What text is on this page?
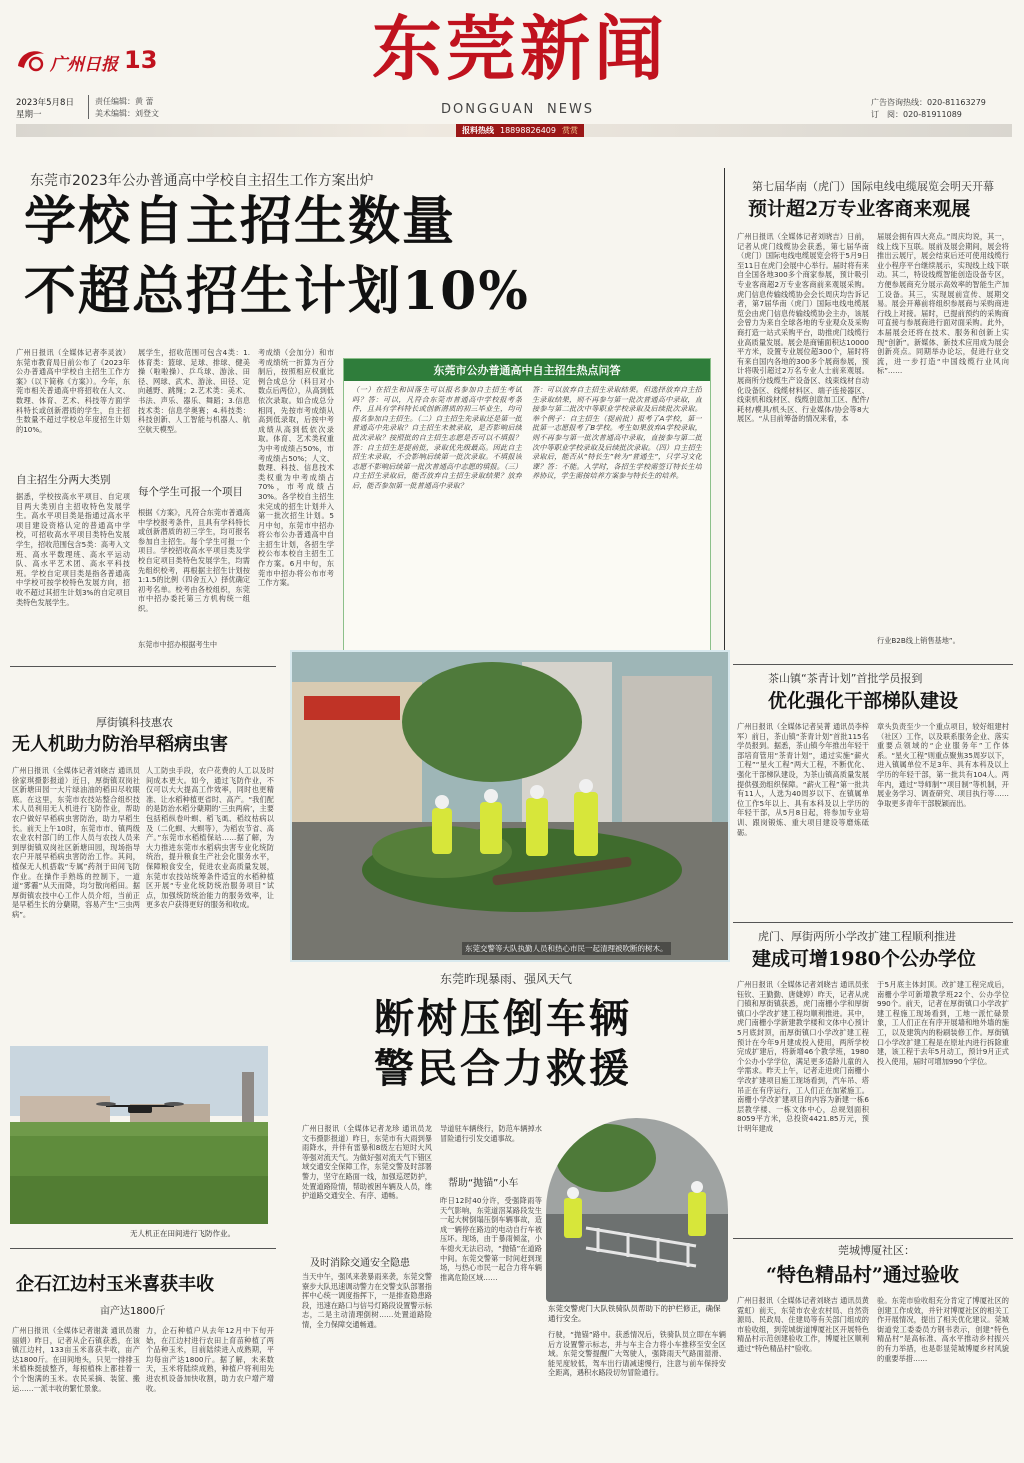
广州日报 13	东莞新闻
DONGGUAN NEWS
2023年5月8日
星期一
责任编辑：黄 蕾
美术编辑：刘登文
广告咨询热线：020-81163279
订　阅：020-81911089
报料热线 18898826409 赏赏
东莞市2023年公办普通高中学校自主招生工作方案出炉
学校自主招生数量
不超总招生计划10%
广州日报讯（全媒体记者李灵波）东莞市教育局日前公布了《2023年公办普通高中学校自主招生工作方案》（以下简称《方案》）。今年，东莞市相关普通高中将招收在人文、数理、体育、艺术、科技等方面学科特长或创新潜质的学生，自主招生数量不超过学校总年度招生计划的10%。
自主招生分两大类别
据悉，学校按高水平项目、自定项目两大类别自主招收特色发展学生。高水平项目类是指通过高水平项目建设资格认定的普通高中学校，可招收高水平项目类特色发展学生，招收范围包含5类：高考入文班、高水平数理班、高水平运动队、高水平艺术团、高水平科技班。学校自定项目类是指各普通高中学校可按学校特色发展方向，招收不超过其招生计划3%的自定项目类特色发展学生。
展学生，招收范围可包含4类：1.体育类：篮球、足球、排球、健美操（啦啦操）、乒乓球、游泳、田径、网球、武术、游泳、田径、定向越野、跳绳；2.艺术类：美术、书法、声乐、器乐、舞蹈；3.信息技术类：信息学奥赛；4.科技类：科技创新、人工智能与机器人、航空航天模型。
每个学生可报一个项目
根据《方案》，凡符合东莞市普通高中学校报考条件，且具有学科特长或创新潜质的初三学生，均可报名参加自主招生。每个学生可报一个项目。学校招收高水平项目类及学校自定项目类特色发展学生，均需先组织校考，再根据主招生计划按1:1.5的比例（四舍五入）择优确定初考名单。校考由各校组织，东莞市中招办委托第三方机构统一组织。
考成绩（会加分）和市考成绩统一折算为百分制后，按照相应权重比例合成总分（科目对小数点后两位），从高到低依次录取。如合成总分相同，先按市考成绩从高到低录取，后按中考成绩从高到低依次录取。体育、艺术类权重为中考成绩占50%，市考成绩占50%；人文、数理、科技、信息技术类权重为中考成绩占70%，市考成绩占30%。各学校自主招生未完成的招生计划并入第一批次招生计划。5月中旬，东莞市中招办将公布公办普通高中自主招生计划，各招生学校公布本校自主招生工作方案。6月中旬，东莞市中招办将公布市考工作方案。
东莞市中招办根据考生中
东莞市公办普通高中自主招生热点问答
（一）在招生和回落生可以报名参加自主招生考试吗？答：可以，凡符合东莞市普通高中学校报考条件，且具有学科特长或创新潜质的初三毕业生，均可报名参加自主招生。（二）自主招生先录取还是第一批普通高中先录取？自主招生未被录取，是否影响后续批次录取？按照批的自主招生志愿是否可以不填报？答：自主招生是提前批，录取优先级最高。因此自主招生未录取，不会影响后续第一批次录取。不填报该志愿不影响后续第一批次普通高中志愿的填报。（三）自主招生录取后，能否放弃自主招生录取结果？放弃后，能否参加第一批普通高中录取？
答：可以放弃自主招生录取结果。但选择放弃自主招生录取结果，则不再参与第一批次普通高中录取，直接参与第二批次中等职业学校录取及后续批次录取。举个例子：自主招生（提前批）报考了A学校，第一批第一志愿报考了B学校。考生如果放弃A学校录取，则不再参与第一批次普通高中录取，直接参与第二批次中等职业学校录取及后续批次录取。（四）自主招生录取后，能否从“特长生”转为“普通生”，只学习文化课？答：不能。入学时，各招生学校需签订特长生培养协议，学生需按培养方案参与特长生的培养。
第七届华南（虎门）国际电线电缆展览会明天开幕
预计超2万专业客商来观展
广州日报讯（全媒体记者刘晓吉）日前，记者从虎门线缆协会获悉，第七届华南（虎门）国际电线电缆展览会将于5月9日至11日在虎门会展中心举行。届时将有来自全国各地300多个商家参展，预计吸引专业客商超2万专业客商前来观展采购。虎门信息传输线缆协会会长周庆均告诉记者，第7届华南（虎门）国际电线电缆展览会由虎门信息传输线缆协会主办，该展会曾力为来自全球各地的专业观众及采购商打造一站式采购平台，助推虎门线缆行业高质量发展。展会是商铺面积达10000平方米，设置专业展位超300个，届时将有来自国内各地的300多个展商参展，预计将吸引超过2万名专业人士前来观展。展商所分线缆生产设备区、线束线材自动化设备区、线缆材料区、端子连接器区、线束机和线材区、线缆创意加工区、配件/耗材/模具/机头区、行业媒体/协会等8大展区。“从目前筹备的情况来看，本
届展会拥有四大亮点。”周庆均说，其一，线上线下互联。展前及展会期间，展会将推出云展厅，展会结束后还可使用线缆行业小程序平台继续展示，实现线上线下联动。其二，特设线缆智能创造设备专区，方便参展商充分展示高效率的智能生产加工设备。其三，实现展前宣传、展期交易。展会开幕前将组织参展商与采购商进行线上对接。届时，已提前预约的采购商可直接与参展商进行面对面采购。此外，本届展会还将在技术、服务和创新上实现“创新”。新媒体、新技术应用成为展会创新亮点。同期举办论坛，促进行业交流，进一步打造“中国线缆行业风向标”……
行业B2B线上销售基地”。
茶山镇“茶青计划”首批学员报到
优化强化干部梯队建设
广州日报讯（全媒体记者吴菁 通讯员李梓军）前日，茶山镇“茶青计划”首批115名学员报到。据悉，茶山镇今年推出年轻干部培育管用“茶青计划”，通过实施“薪火工程”“星火工程”两大工程，不断优化、强化干部梯队建设，为茶山镇高质量发展提供强劲组织保障。“薪火工程”第一批共有11人，人选为40周岁以下、在镇属单位工作5年以上、具有本科及以上学历的年轻干部，从5月8日起，将参加专业培训、跟岗锻炼、重大项目建设等磨炼砥砺。
章头负责至少一个重点项目，较好组建村（社区）工作，以及联系服务企业、落实重要点领域的“企业服务年”工作体系。“星火工程”则重点聚焦35周岁以下，进入镇属单位不足3年、具有本科及以上学历的年轻干部，第一批共有104人。两年内，通过“导师制”“项目制”等机制，开展业务学习、调查研究、项目执行等……争取更多青年干部脱颖而出。
虎门、厚街两所小学改扩建工程顺利推进
建成可增1980个公办学位
广州日报讯（全媒体记者刘晓吉 通讯员张钰钦、王勤勤、唐婕婷）昨天，记者从虎门镇和厚街镇获悉，虎门南栅小学和厚街镇口小学改扩建工程均顺利推进。其中，虎门南栅小学新建教学楼和文体中心预计5月底封顶，而厚街镇口小学改扩建工程预计在今年9月建成投入使用，两所学校完成扩建后，将新增46个教学班，1980个公办小学学位，满足更多适龄儿童的入学需求。昨天上午，记者走进虎门南栅小学改扩建项目施工现场看到，汽车吊、塔吊正在有序运行，工人们正在加紧施工。南栅小学改扩建项目的内容为新建一栋6层教学楼、一栋文体中心，总规划面积8059平方米，总投资4421.85万元，预计明年建成
于5月底主体封顶。改扩建工程完成后，南栅小学可新增教学班22个、公办学位990个。前天，记者在厚街镇口小学改扩建工程施工现场看到，工地一派忙碌景象，工人们正在有序开展墙和地外墙的施工，以及建筑内的粉刷装修工作。厚街镇口小学改扩建工程是在原址内进行拆除重建，该工程于去年5月动工，预计9月正式投入使用，届时可增加990个学位。
莞城博厦社区：
“特色精品村”通过验收
广州日报讯（全媒体记者刘晓吉 通讯员黄霓虹）前天，东莞市农业农村局、自然资源局、民政局、住建局等有关部门组成的市验收组，到莞城街道博厦社区开展特色精品村示范创建验收工作，博厦社区顺利通过“特色精品村”验收。
验。东莞市验收组充分肯定了博厦社区的创建工作成效，并针对博厦社区的相关工作开展情况，提出了相关优化建议。莞城街道党工委委员方钢书表示，创建“特色精品村”是高标准、高水平推动乡村振兴的有力举措，也是彰显莞城博厦乡村风貌的重要举措……
厚街镇科技惠农
无人机助力防治早稻病虫害
广州日报讯（全媒体记者刘晓吉 通讯员徐家琪摄影报道）近日，厚街镇双岗社区新塘田园一大片绿油油的稻田尽收眼底。在这里，东莞市农技站整合组织技术人员利用无人机进行飞防作业，帮助农户做好早稻病虫害防治，助力早稻生长。前天上午10时，东莞市市、镇两级农业农村部门的工作人员与农技人员来到厚街镇双岗社区新塘田园，现场指导农户开展早稻病虫害防治工作。其间，植保无人机搭载“专属”药剂于田间飞防作业。在操作手熟练的控制下，一道道“雾霾”从天而降，均匀散向稻田。据厚街镇农技中心工作人员介绍，当前正是早稻生长的分蘖期，容易产生“三虫两病”。
人工防虫手段，农户花费的人工以及时间成本更大。如今，通过飞防作业，不仅可以大大提高工作效率，同时也更精准、让水稻种植更省时、高产。“我们配的是防治水稻分蘖期的‘三虫两病’，主要包括稻纵卷叶螟、稻飞虱、稻纹枯病以及（二化螟、大螟等），为稻农节省、高产。”东莞市水稻植保站……据了解，为大力推进东莞市水稻病虫害专业化统防统治，提升粮食生产社会化服务水平，保障粮食安全，促进农业高质量发展，东莞市农技站统筹条件适宜的水稻种植区开展“专业化统防统治服务项目”试点，加强统防统治能力的服务效率，让更多农户获得更好的服务和收成。
无人机正在田间进行飞防作业。
企石江边村玉米喜获丰收
亩产达1800斤
广州日报讯（全媒体记者谢龚 通讯员谢丽娟）昨日，记者从企石镇获悉，在该镇江边村，133亩玉米喜获丰收，亩产达1800斤。在田间地头，只见一排排玉米植株挺拔整齐，每根植株上都挂着一个个饱满的玉米。农民采摘、装筐、搬运……一派丰收的繁忙景象。
力，企石种植户从去年12月中下旬开始，在江边村进行农田上育苗种植了两个品种玉米，目前陆续进入成熟期，平均每亩产达1800斤。据了解，未来数天，玉米将陆续成熟，种植户将利用先进农机设备加快收割，助力农户增产增收。
东莞交警等大队执勤人员和热心市民一起清理被吹断的树木。
东莞昨现暴雨、强风天气
断树压倒车辆
警民合力救援
广州日报讯（全媒体记者龙珍 通讯员龙文韦摄影报道）昨日，东莞市有大雨到暴雨降水，并伴有雷暴和8级左右短时大风等强对流天气。为做好强对流天气下错区域交通安全保障工作，东莞交警及时部署警力，坚守在路面一线，加强巡逻防护，处置道路险情，帮助被困车辆及人员，维护道路交通安全、有序、通畅。
及时消除交通安全隐患
当天中午，强风来袭暴雨来袭，东莞交警寮步大队迅速调动警力在交警支队部署指挥中心统一调度指挥下，一是排查隐患路段，迅速在路口与信号灯路段设置警示标志，二是主动清理倒树……处置道路险情，全力保障交通畅通。
导道驻车辆绕行，防范车辆掉水冒险通行引发交通事故。
帮助“抛锚”小车
昨日12时40分许，受强降雨等天气影响，东莞道滘某路段发生一起大树倒塌压倒车辆事故，造成一辆停在路边的电动自行车被压坏。现场，由于暴雨倾盆，小车熄火无法启动，“抛锚”在道路中间。东莞交警第一时间赶到现场，与热心市民一起合力将车辆推离危险区域……
东莞交警虎门大队铁骑队员帮助下的护栏修正，确保通行安全。
行驶，“抛锚”路中。获悉情况后，铁骑队员立即在车辆后方设置警示标志，并与车主合力将小车推移至安全区域。东莞交警提醒广大驾驶人，强降雨天气路面湿滑、能见度较低，驾车出行请减速慢行，注意与前车保持安全距离，遇积水路段切勿冒险通行。
